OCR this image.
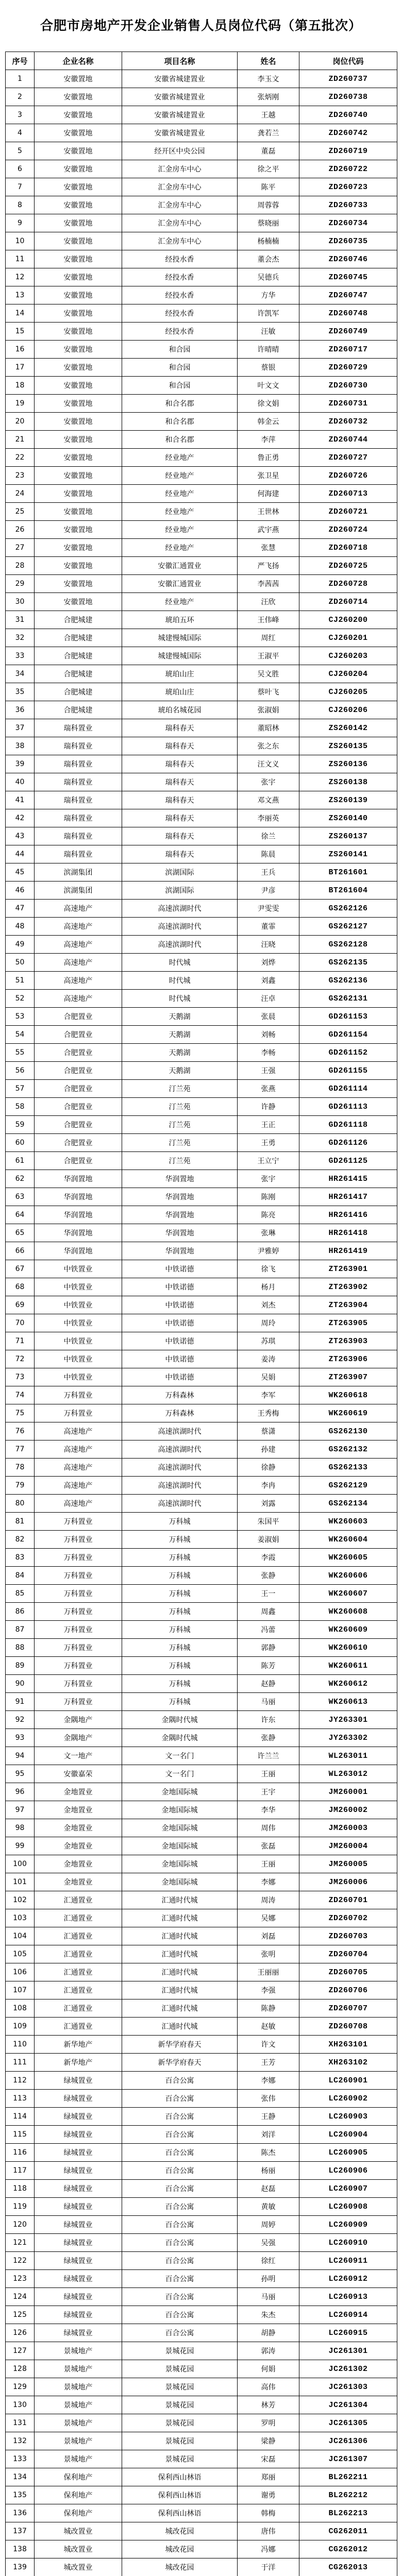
合肥市房地产开发企业销售人员岗位代码（第五批次）
序号	企业名称	项目名称	姓名	岗位代码
1	安徽置地	安徽省城建置业	李玉文	ZD260737
2	安徽置地	安徽省城建置业	张炳刚	ZD260738
3	安徽置地	安徽省城建置业	王越	ZD260740
4	安徽置地	安徽省城建置业	龚若兰	ZD260742
5	安徽置地	经开区中央公园	董磊	ZD260719
6	安徽置地	汇金房车中心	徐之平	ZD260722
7	安徽置地	汇金房车中心	陈平	ZD260723
8	安徽置地	汇金房车中心	周蓉蓉	ZD260733
9	安徽置地	汇金房车中心	蔡晓丽	ZD260734
10	安徽置地	汇金房车中心	杨楠楠	ZD260735
11	安徽置地	经投水香	董会杰	ZD260746
12	安徽置地	经投水香	吴德兵	ZD260745
13	安徽置地	经投水香	方华	ZD260747
14	安徽置地	经投水香	许凯军	ZD260748
15	安徽置地	经投水香	汪敏	ZD260749
16	安徽置地	和合园	许晴晴	ZD260717
17	安徽置地	和合园	蔡银	ZD260729
18	安徽置地	和合园	叶文文	ZD260730
19	安徽置地	和合名郡	徐文娟	ZD260731
20	安徽置地	和合名郡	韩金云	ZD260732
21	安徽置地	和合名郡	李萍	ZD260744
22	安徽置地	经业地产	鲁正勇	ZD260727
23	安徽置地	经业地产	张卫星	ZD260726
24	安徽置地	经业地产	何海建	ZD260713
25	安徽置地	经业地产	王世林	ZD260721
26	安徽置地	经业地产	武宇燕	ZD260724
27	安徽置地	经业地产	张慧	ZD260718
28	安徽置地	安徽汇通置业	严飞扬	ZD260725
29	安徽置地	安徽汇通置业	李茜茜	ZD260728
30	安徽置地	经业地产	汪欣	ZD260714
31	合肥城建	琥珀五环	王伟峰	CJ260200
32	合肥城建	城建慢城国际	周红	CJ260201
33	合肥城建	城建慢城国际	王淑平	CJ260203
34	合肥城建	琥珀山庄	吴文胜	CJ260204
35	合肥城建	琥珀山庄	蔡叶飞	CJ260205
36	合肥城建	琥珀名城花园	张淑娟	CJ260206
37	瑞科置业	瑞科春天	董昭林	ZS260142
38	瑞科置业	瑞科春天	张之东	ZS260135
39	瑞科置业	瑞科春天	汪文义	ZS260136
40	瑞科置业	瑞科春天	张宇	ZS260138
41	瑞科置业	瑞科春天	邓文燕	ZS260139
42	瑞科置业	瑞科春天	李丽英	ZS260140
43	瑞科置业	瑞科春天	徐兰	ZS260137
44	瑞科置业	瑞科春天	陈晨	ZS260141
45	滨湖集团	滨湖国际	王兵	BT261601
46	滨湖集团	滨湖国际	尹彦	BT261604
47	高速地产	高速滨湖时代	尹雯雯	GS262126
48	高速地产	高速滨湖时代	董霏	GS262127
49	高速地产	高速滨湖时代	汪晓	GS262128
50	高速地产	时代城	刘烨	GS262135
51	高速地产	时代城	刘鑫	GS262136
52	高速地产	时代城	汪卓	GS262131
53	合肥置业	天鹅湖	张晨	GD261153
54	合肥置业	天鹅湖	刘畅	GD261154
55	合肥置业	天鹅湖	李畅	GD261152
56	合肥置业	天鹅湖	王强	GD261155
57	合肥置业	汀兰苑	张燕	GD261114
58	合肥置业	汀兰苑	许静	GD261113
59	合肥置业	汀兰苑	王正	GD261118
60	合肥置业	汀兰苑	王勇	GD261126
61	合肥置业	汀兰苑	王立宁	GD261125
62	华润置地	华润置地	张宇	HR261415
63	华润置地	华润置地	陈刚	HR261417
64	华润置地	华润置地	陈亮	HR261416
65	华润置地	华润置地	张琳	HR261418
66	华润置地	华润置地	尹雅婷	HR261419
67	中铁置业	中铁诺德	徐飞	ZT263901
68	中铁置业	中铁诺德	杨月	ZT263902
69	中铁置业	中铁诺德	刘杰	ZT263904
70	中铁置业	中铁诺德	周玲	ZT263905
71	中铁置业	中铁诺德	苏琪	ZT263903
72	中铁置业	中铁诺德	姜涛	ZT263906
73	中铁置业	中铁诺德	吴娟	ZT263907
74	万科置业	万科森林	李军	WK260618
75	万科置业	万科森林	王秀梅	WK260619
76	高速地产	高速滨湖时代	蔡潇	GS262130
77	高速地产	高速滨湖时代	孙建	GS262132
78	高速地产	高速滨湖时代	徐静	GS262133
79	高速地产	高速滨湖时代	李冉	GS262129
80	高速地产	高速滨湖时代	刘露	GS262134
81	万科置业	万科城	朱国平	WK260603
82	万科置业	万科城	姜淑娟	WK260604
83	万科置业	万科城	李霞	WK260605
84	万科置业	万科城	张静	WK260606
85	万科置业	万科城	王一	WK260607
86	万科置业	万科城	周鑫	WK260608
87	万科置业	万科城	冯蕾	WK260609
88	万科置业	万科城	郭静	WK260610
89	万科置业	万科城	陈芳	WK260611
90	万科置业	万科城	赵静	WK260612
91	万科置业	万科城	马丽	WK260613
92	金隅地产	金隅时代城	许东	JY263301
93	金隅地产	金隅时代城	张静	JY263302
94	文一地产	文一名门	许兰兰	WL263011
95	安徽嘉荣	文一名门	王丽	WL263012
96	金地置业	金地国际城	王宇	JM260001
97	金地置业	金地国际城	李华	JM260002
98	金地置业	金地国际城	周伟	JM260003
99	金地置业	金地国际城	张磊	JM260004
100	金地置业	金地国际城	王丽	JM260005
101	金地置业	金地国际城	李娜	JM260006
102	汇通置业	汇通时代城	周涛	ZD260701
103	汇通置业	汇通时代城	吴娜	ZD260702
104	汇通置业	汇通时代城	刘磊	ZD260703
105	汇通置业	汇通时代城	张明	ZD260704
106	汇通置业	汇通时代城	王丽丽	ZD260705
107	汇通置业	汇通时代城	李强	ZD260706
108	汇通置业	汇通时代城	陈静	ZD260707
109	汇通置业	汇通时代城	赵敏	ZD260708
110	新华地产	新华学府春天	许文	XH263101
111	新华地产	新华学府春天	王芳	XH263102
112	绿城置业	百合公寓	李娜	LC260901
113	绿城置业	百合公寓	张伟	LC260902
114	绿城置业	百合公寓	王静	LC260903
115	绿城置业	百合公寓	刘洋	LC260904
116	绿城置业	百合公寓	陈杰	LC260905
117	绿城置业	百合公寓	杨丽	LC260906
118	绿城置业	百合公寓	赵磊	LC260907
119	绿城置业	百合公寓	黄敏	LC260908
120	绿城置业	百合公寓	周婷	LC260909
121	绿城置业	百合公寓	吴强	LC260910
122	绿城置业	百合公寓	徐红	LC260911
123	绿城置业	百合公寓	孙明	LC260912
124	绿城置业	百合公寓	马丽	LC260913
125	绿城置业	百合公寓	朱杰	LC260914
126	绿城置业	百合公寓	胡静	LC260915
127	景城地产	景城花园	郭涛	JC261301
128	景城地产	景城花园	何娟	JC261302
129	景城地产	景城花园	高伟	JC261303
130	景城地产	景城花园	林芳	JC261304
131	景城地产	景城花园	罗明	JC261305
132	景城地产	景城花园	梁静	JC261306
133	景城地产	景城花园	宋磊	JC261307
134	保利地产	保利西山林语	郑丽	BL262211
135	保利地产	保利西山林语	谢勇	BL262212
136	保利地产	保利西山林语	韩梅	BL262213
137	城改置业	城改花园	唐伟	CG262011
138	城改置业	城改花园	冯娜	CG262012
139	城改置业	城改花园	于洋	CG262013
